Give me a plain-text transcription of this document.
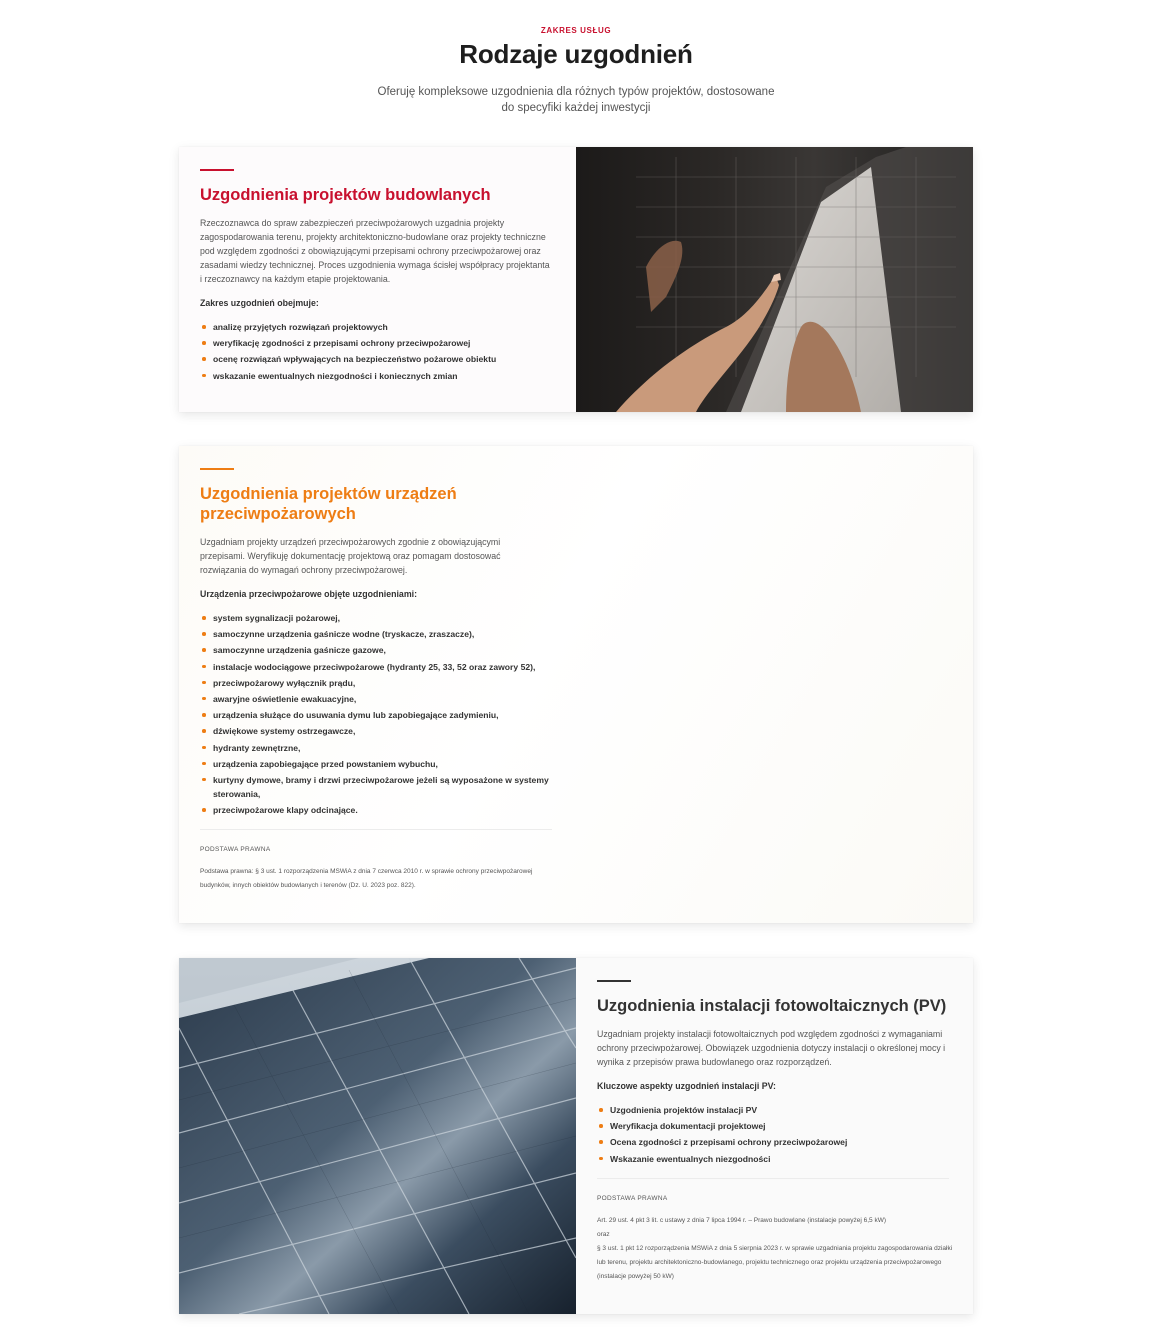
ZAKRES USŁUG
Rodzaje uzgodnień

Oferuję kompleksowe uzgodnienia dla różnych typów projektów, dostosowane do specyfiki każdej inwestycji

Uzgodnienia projektów budowlanych

Rzeczoznawca do spraw zabezpieczeń przeciwpożarowych uzgadnia projekty zagospodarowania terenu, projekty architektoniczno-budowlane oraz projekty techniczne pod względem zgodności z obowiązującymi przepisami ochrony przeciwpożarowej oraz zasadami wiedzy technicznej. Proces uzgodnienia wymaga ścisłej współpracy projektanta i rzeczoznawcy na każdym etapie projektowania.

Zakres uzgodnień obejmuje:

analizę przyjętych rozwiązań projektowych
weryfikację zgodności z przepisami ochrony przeciwpożarowej
ocenę rozwiązań wpływających na bezpieczeństwo pożarowe obiektu
wskazanie ewentualnych niezgodności i koniecznych zmian
Uzgodnienia projektów urządzeń przeciwpożarowych

Uzgadniam projekty urządzeń przeciwpożarowych zgodnie z obowiązującymi przepisami. Weryfikuję dokumentację projektową oraz pomagam dostosować rozwiązania do wymagań ochrony przeciwpożarowej.

Urządzenia przeciwpożarowe objęte uzgodnieniami:

system sygnalizacji pożarowej,
samoczynne urządzenia gaśnicze wodne (tryskacze, zraszacze),
samoczynne urządzenia gaśnicze gazowe,
instalacje wodociągowe przeciwpożarowe (hydranty 25, 33, 52 oraz zawory 52),
przeciwpożarowy wyłącznik prądu,
awaryjne oświetlenie ewakuacyjne,
urządzenia służące do usuwania dymu lub zapobiegające zadymieniu,
dźwiękowe systemy ostrzegawcze,
hydranty zewnętrzne,
urządzenia zapobiegające przed powstaniem wybuchu,
kurtyny dymowe, bramy i drzwi przeciwpożarowe jeżeli są wyposażone w systemy sterowania,
przeciwpożarowe klapy odcinające.

PODSTAWA PRAWNA

Podstawa prawna: § 3 ust. 1 rozporządzenia MSWiA z dnia 7 czerwca 2010 r. w sprawie ochrony przeciwpożarowej budynków, innych obiektów budowlanych i terenów (Dz. U. 2023 poz. 822).

Uzgodnienia instalacji fotowoltaicznych (PV)

Uzgadniam projekty instalacji fotowoltaicznych pod względem zgodności z wymaganiami ochrony przeciwpożarowej. Obowiązek uzgodnienia dotyczy instalacji o określonej mocy i wynika z przepisów prawa budowlanego oraz rozporządzeń.

Kluczowe aspekty uzgodnień instalacji PV:

Uzgodnienia projektów instalacji PV
Weryfikacja dokumentacji projektowej
Ocena zgodności z przepisami ochrony przeciwpożarowej
Wskazanie ewentualnych niezgodności

PODSTAWA PRAWNA

Art. 29 ust. 4 pkt 3 lit. c ustawy z dnia 7 lipca 1994 r. – Prawo budowlane (instalacje powyżej 6,5 kW)
oraz
§ 3 ust. 1 pkt 12 rozporządzenia MSWiA z dnia 5 sierpnia 2023 r. w sprawie uzgadniania projektu zagospodarowania działki lub terenu, projektu architektoniczno-budowlanego, projektu technicznego oraz projektu urządzenia przeciwpożarowego (instalacje powyżej 50 kW)
